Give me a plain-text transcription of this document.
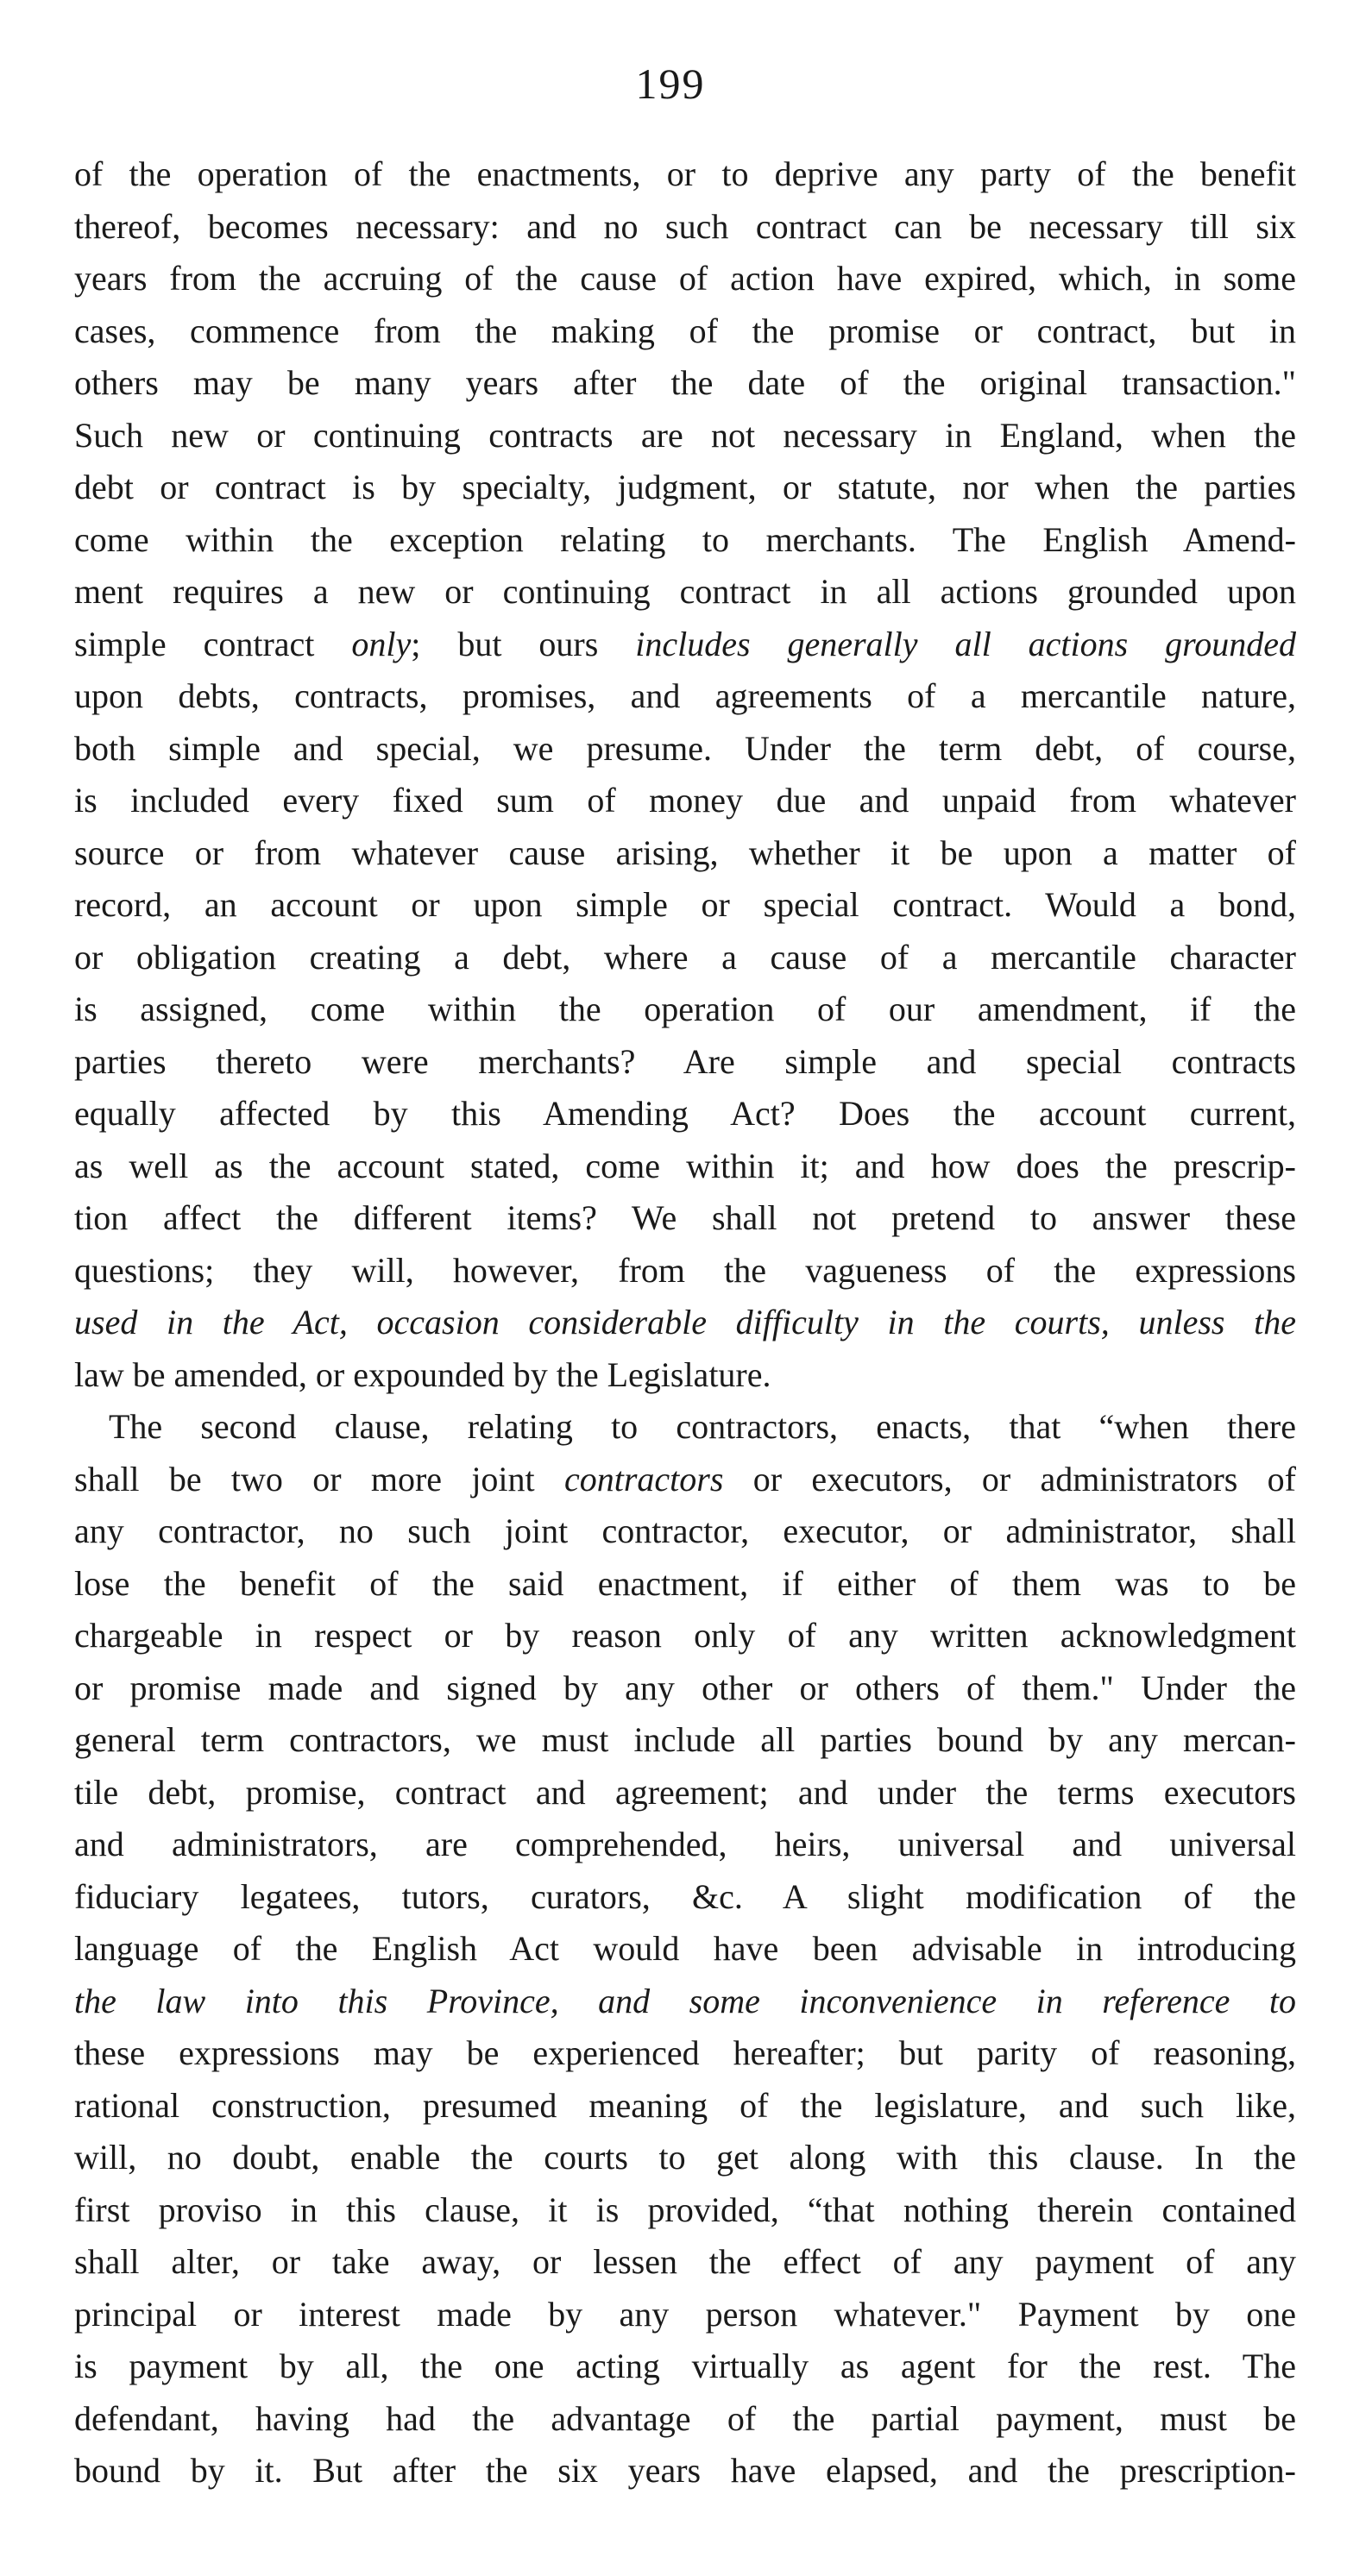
199
of the operation of the enactments, or to deprive any party of the benefit
thereof, becomes necessary: and no such contract can be necessary till six
years from the accruing of the cause of action have expired, which, in some
cases, commence from the making of the promise or contract, but in
others may be many years after the date of the original transaction."
Such new or continuing contracts are not necessary in England, when the
debt or contract is by specialty, judgment, or statute, nor when the parties
come within the exception relating to merchants. The English Amend-
ment requires a new or continuing contract in all actions grounded upon
simple contract only; but ours includes generally all actions grounded
upon debts, contracts, promises, and agreements of a mercantile nature,
both simple and special, we presume. Under the term debt, of course,
is included every fixed sum of money due and unpaid from whatever
source or from whatever cause arising, whether it be upon a matter of
record, an account or upon simple or special contract. Would a bond,
or obligation creating a debt, where a cause of a mercantile character
is assigned, come within the operation of our amendment, if the
parties thereto were merchants? Are simple and special contracts
equally affected by this Amending Act? Does the account current,
as well as the account stated, come within it; and how does the prescrip-
tion affect the different items? We shall not pretend to answer these
questions; they will, however, from the vagueness of the expressions
used in the Act, occasion considerable difficulty in the courts, unless the
law be amended, or expounded by the Legislature.
The second clause, relating to contractors, enacts, that “when there
shall be two or more joint contractors or executors, or administrators of
any contractor, no such joint contractor, executor, or administrator, shall
lose the benefit of the said enactment, if either of them was to be
chargeable in respect or by reason only of any written acknowledgment
or promise made and signed by any other or others of them." Under the
general term contractors, we must include all parties bound by any mercan-
tile debt, promise, contract and agreement; and under the terms executors
and administrators, are comprehended, heirs, universal and universal
fiduciary legatees, tutors, curators, &c. A slight modification of the
language of the English Act would have been advisable in introducing
the law into this Province, and some inconvenience in reference to
these expressions may be experienced hereafter; but parity of reasoning,
rational construction, presumed meaning of the legislature, and such like,
will, no doubt, enable the courts to get along with this clause. In the
first proviso in this clause, it is provided, “that nothing therein contained
shall alter, or take away, or lessen the effect of any payment of any
principal or interest made by any person whatever." Payment by one
is payment by all, the one acting virtually as agent for the rest. The
defendant, having had the advantage of the partial payment, must be
bound by it. But after the six years have elapsed, and the prescription-
